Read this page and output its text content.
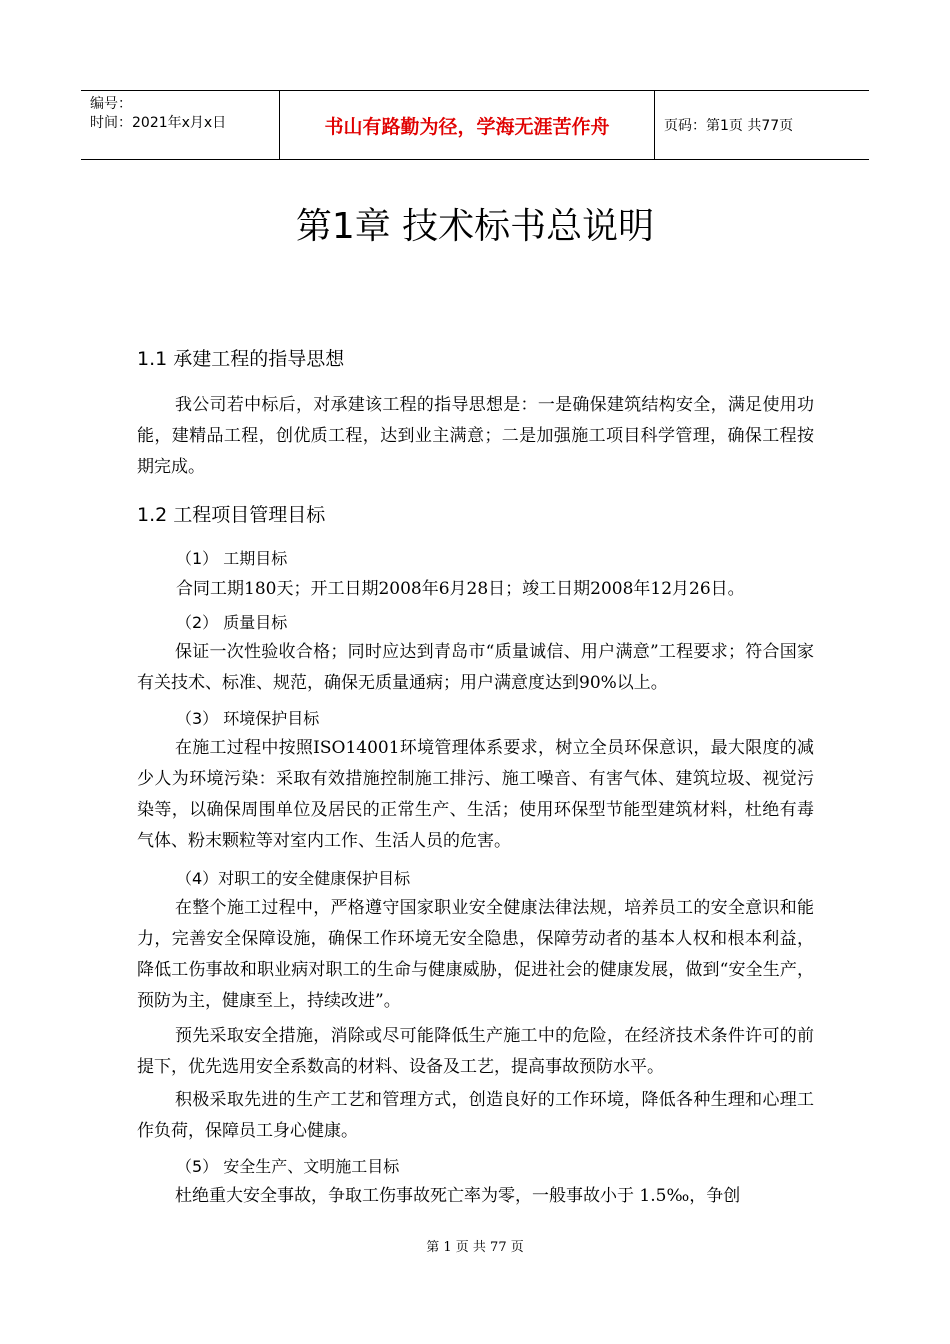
编号：
时间：2021年x月x日	书山有路勤为径，学海无涯苦作舟	页码：第1页 共77页
第1章 技术标书总说明
1.1 承建工程的指导思想
我公司若中标后，对承建该工程的指导思想是：一是确保建筑结构安全，满足使用功能，建精品工程，创优质工程，达到业主满意；二是加强施工项目科学管理，确保工程按期完成。
1.2 工程项目管理目标
（1） 工期目标
合同工期180天；开工日期2008年6月28日；竣工日期2008年12月26日。
（2） 质量目标
保证一次性验收合格；同时应达到青岛市“质量诚信、用户满意”工程要求；符合国家有关技术、标准、规范，确保无质量通病；用户满意度达到90%以上。
（3） 环境保护目标
在施工过程中按照ISO14001环境管理体系要求，树立全员环保意识，最大限度的减少人为环境污染：采取有效措施控制施工排污、施工噪音、有害气体、建筑垃圾、视觉污染等，以确保周围单位及居民的正常生产、生活；使用环保型节能型建筑材料，杜绝有毒气体、粉末颗粒等对室内工作、生活人员的危害。
（4）对职工的安全健康保护目标
在整个施工过程中，严格遵守国家职业安全健康法律法规，培养员工的安全意识和能力，完善安全保障设施，确保工作环境无安全隐患，保障劳动者的基本人权和根本利益，降低工伤事故和职业病对职工的生命与健康威胁，促进社会的健康发展，做到“安全生产，预防为主，健康至上，持续改进”。
预先采取安全措施，消除或尽可能降低生产施工中的危险，在经济技术条件许可的前提下，优先选用安全系数高的材料、设备及工艺，提高事故预防水平。
积极采取先进的生产工艺和管理方式，创造良好的工作环境，降低各种生理和心理工作负荷，保障员工身心健康。
（5） 安全生产、文明施工目标
杜绝重大安全事故，争取工伤事故死亡率为零，一般事故小于 1.5‰，争创
第 1 页 共 77 页
